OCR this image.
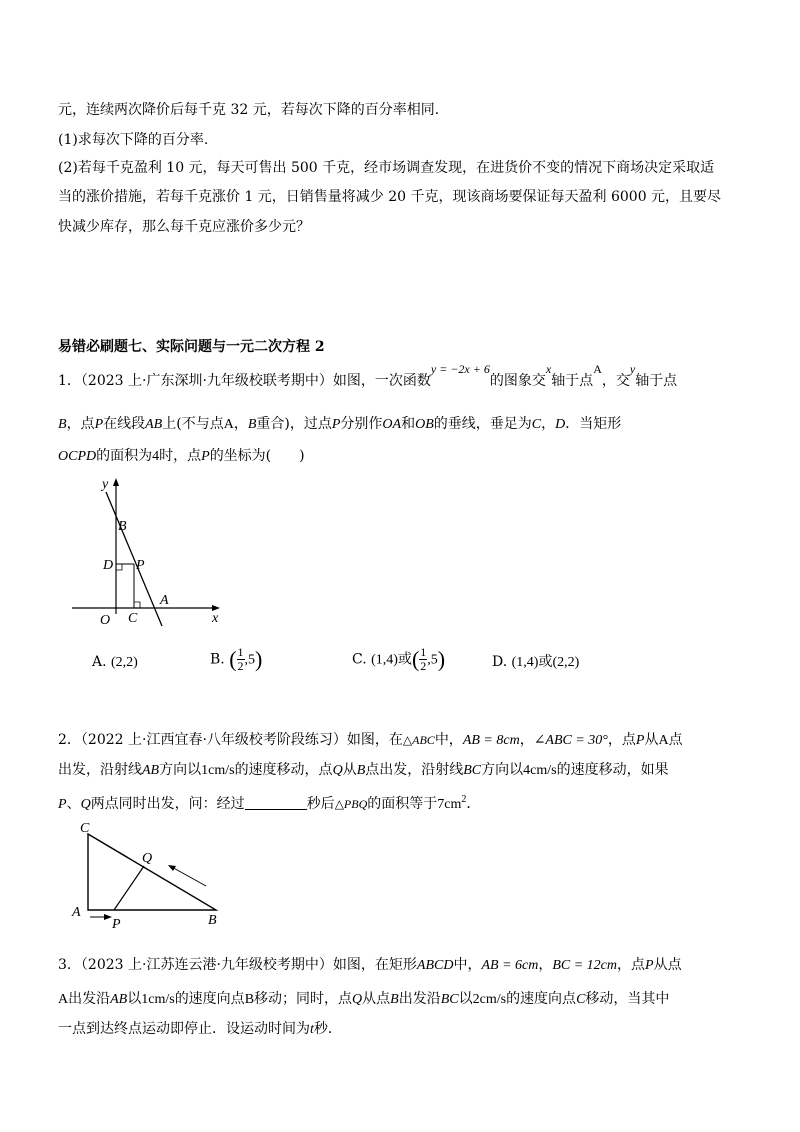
元，连续两次降价后每千克 32 元，若每次下降的百分率相同.
(1)求每次下降的百分率.
(2)若每千克盈利 10 元，每天可售出 500 千克，经市场调查发现，在进货价不变的情况下商场决定采取适
当的涨价措施，若每千克涨价 1 元，日销售量将减少 20 千克，现该商场要保证每天盈利 6000 元，且要尽
快减少库存，那么每千克应涨价多少元？
易错必刷题七、实际问题与一元二次方程 2
1．（2023 上·广东深圳·九年级校联考期中）如图，一次函数y = −2x + 6的图象交x轴于点A，交y轴于点
B，点P在线段AB上(不与点A，B重合)，过点P分别作OA和OB的垂线，垂足为C，D．当矩形
OCPD的面积为4时，点P的坐标为(　　)
y
B
D P
A
O C	x
A. (2,2)	B. ( $\frac{1}{2} ,5$)	C. (1,4)或( $\frac{1}{2} ,5$)	D. (1,4)或(2,2)
2．（2022 上·江西宜春·八年级校考阶段练习）如图，在△ABC中，AB = 8cm，∠ABC = 30°，点P从A点
出发，沿射线AB方向以1cm/s的速度移动，点Q从B点出发，沿射线BC方向以4cm/s的速度移动，如果
P、Q两点同时出发，问：经过	秒后△PBQ的面积等于$7cm^2$．
C
Q
A
P	B
3．（2023 上·江苏连云港·九年级校考期中）如图，在矩形ABCD中，AB = 6cm，BC = 12cm，点P从点
A出发沿AB以1cm/s的速度向点B移动；同时，点Q从点B出发沿BC以2cm/s的速度向点C移动，当其中
一点到达终点运动即停止．设运动时间为t秒．
